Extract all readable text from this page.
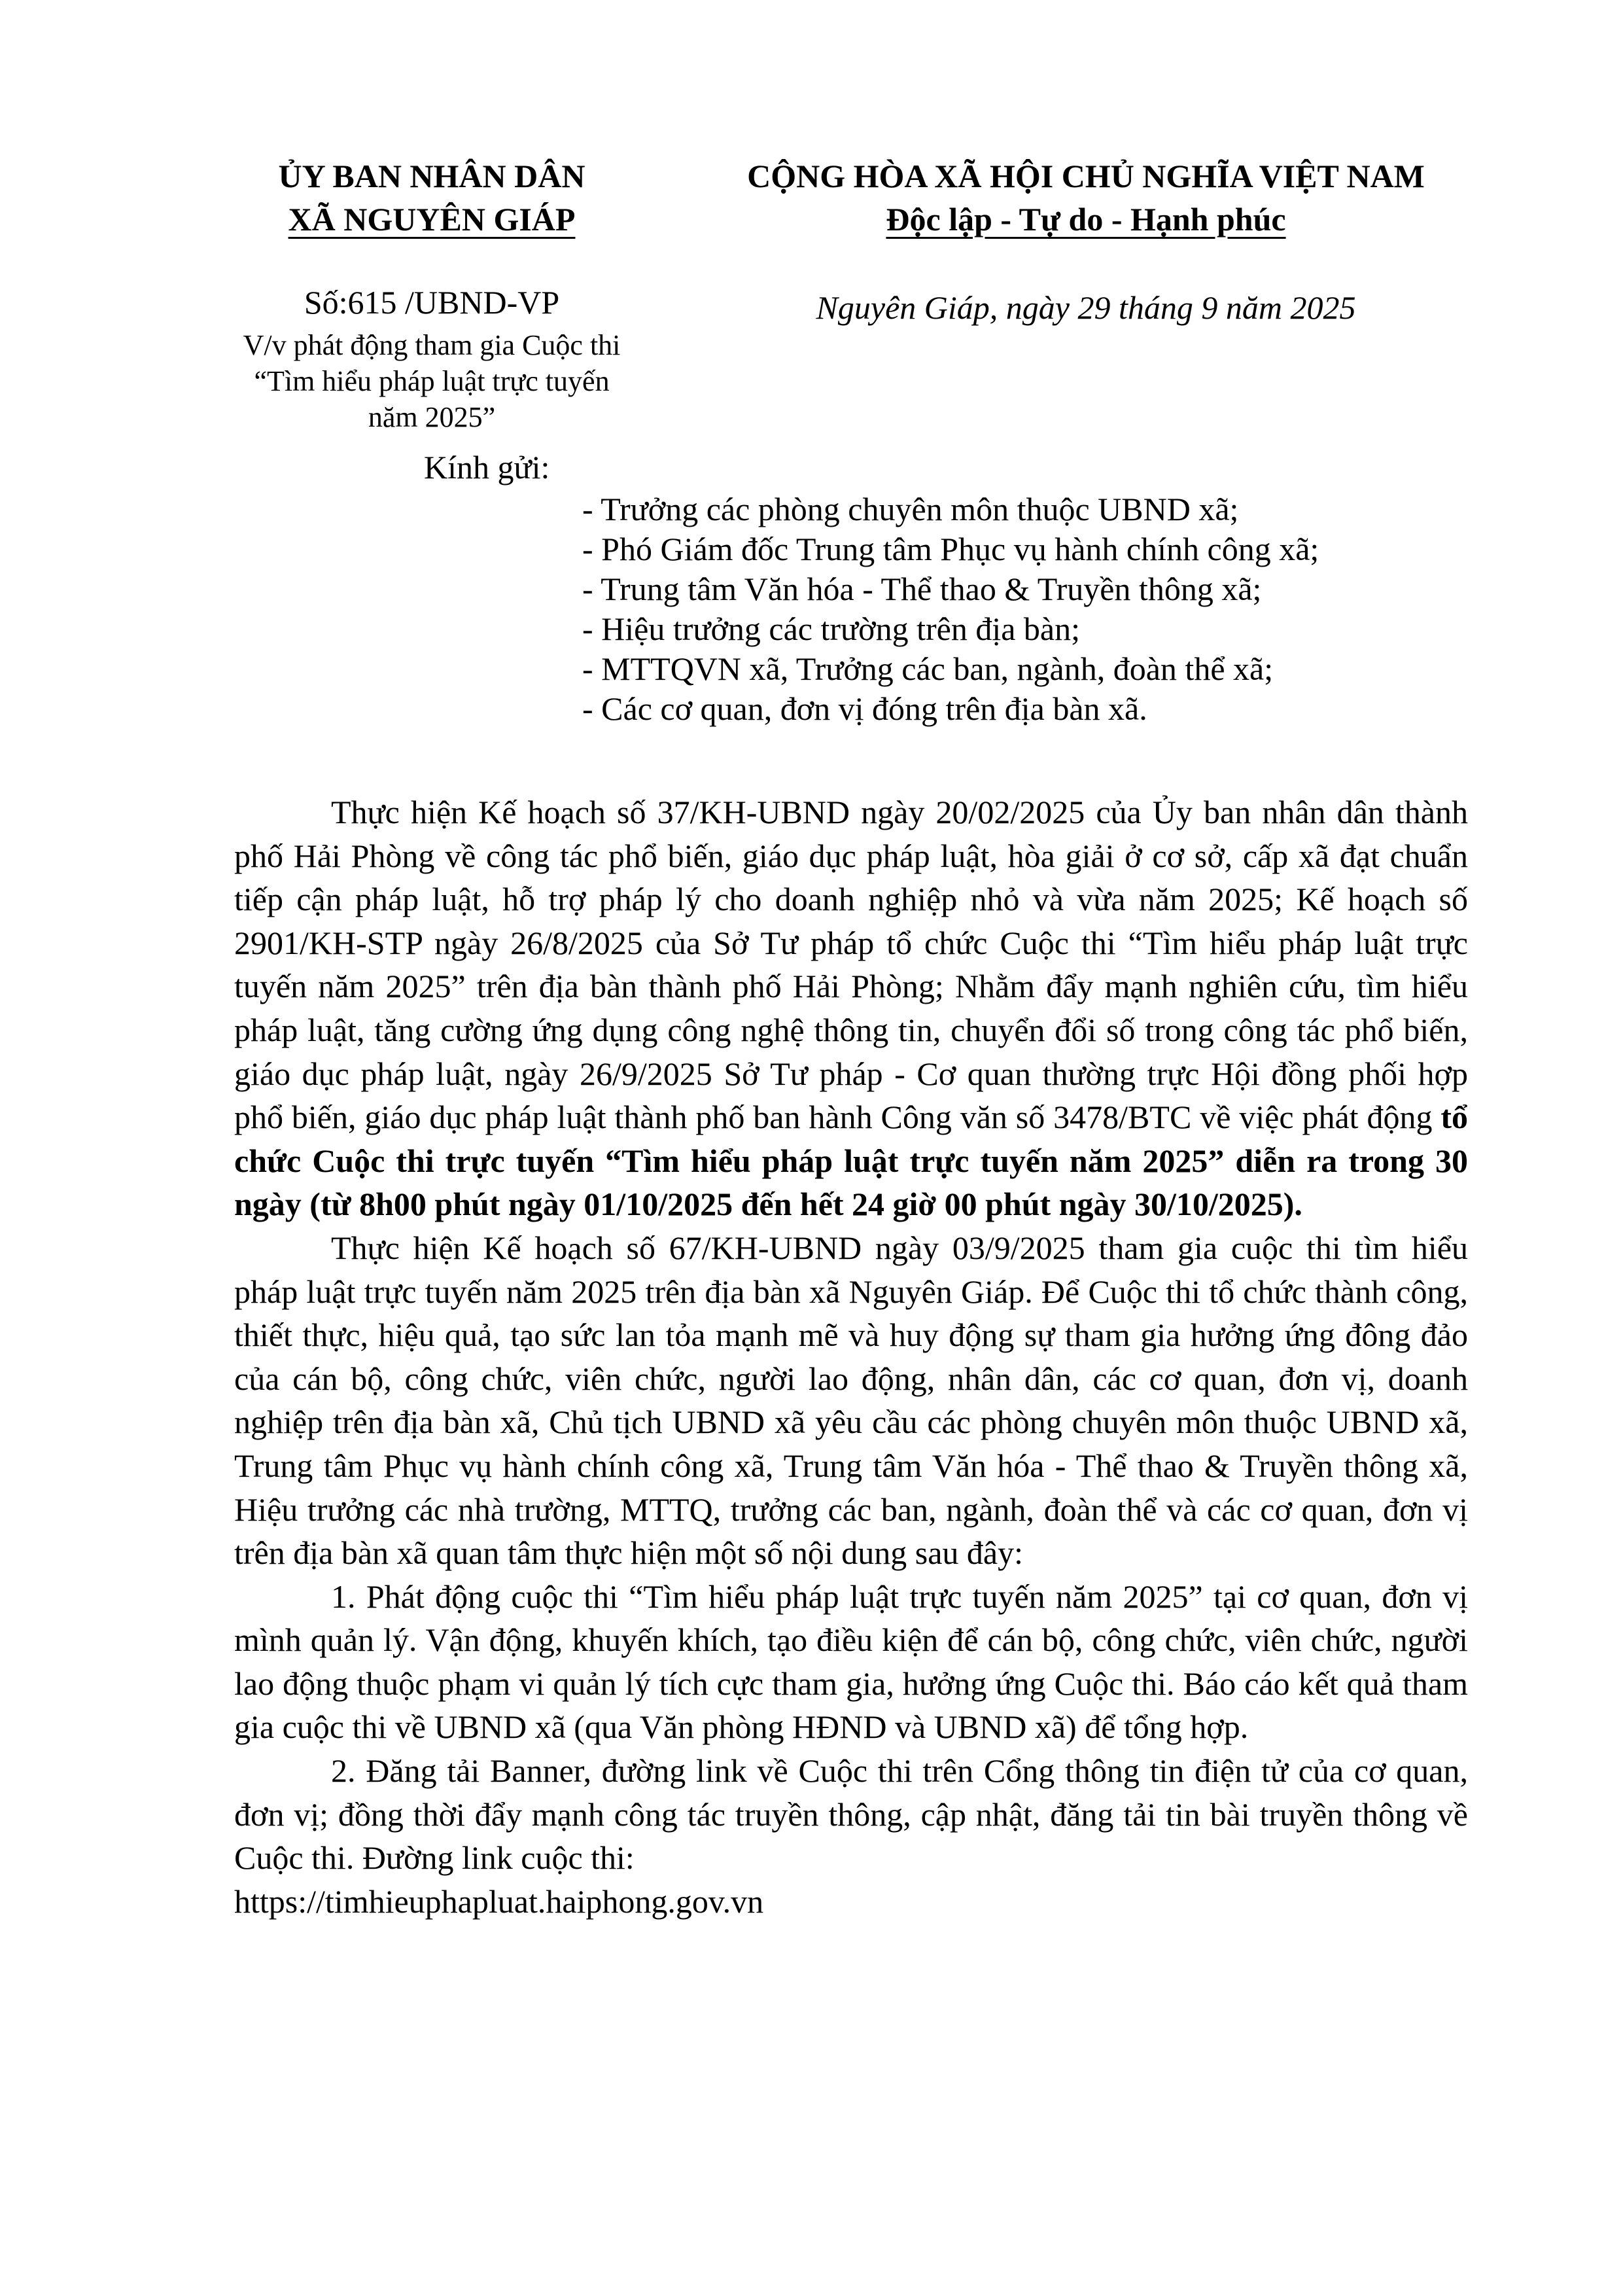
ỦY BAN NHÂN DÂN
XÃ NGUYÊN GIÁP
CỘNG HÒA XÃ HỘI CHỦ NGHĨA VIỆT NAM
Độc lập - Tự do - Hạnh phúc
Số:615 /UBND-VP
V/v phát động tham gia Cuộc thi
“Tìm hiểu pháp luật trực tuyến
năm 2025”
Nguyên Giáp, ngày 29 tháng 9 năm 2025
Kính gửi:
- Trưởng các phòng chuyên môn thuộc UBND xã;
- Phó Giám đốc Trung tâm Phục vụ hành chính công xã;
- Trung tâm Văn hóa - Thể thao & Truyền thông xã;
- Hiệu trưởng các trường trên địa bàn;
- MTTQVN xã, Trưởng các ban, ngành, đoàn thể xã;
- Các cơ quan, đơn vị đóng trên địa bàn xã.

Thực hiện Kế hoạch số 37/KH-UBND ngày 20/02/2025 của Ủy ban nhân dân thành phố Hải Phòng về công tác phổ biến, giáo dục pháp luật, hòa giải ở cơ sở, cấp xã đạt chuẩn tiếp cận pháp luật, hỗ trợ pháp lý cho doanh nghiệp nhỏ và vừa năm 2025; Kế hoạch số 2901/KH-STP ngày 26/8/2025 của Sở Tư pháp tổ chức Cuộc thi “Tìm hiểu pháp luật trực tuyến năm 2025” trên địa bàn thành phố Hải Phòng; Nhằm đẩy mạnh nghiên cứu, tìm hiểu pháp luật, tăng cường ứng dụng công nghệ thông tin, chuyển đổi số trong công tác phổ biến, giáo dục pháp luật, ngày 26/9/2025 Sở Tư pháp - Cơ quan thường trực Hội đồng phối hợp phổ biến, giáo dục pháp luật thành phố ban hành Công văn số 3478/BTC về việc phát động tổ chức Cuộc thi trực tuyến “Tìm hiểu pháp luật trực tuyến năm 2025” diễn ra trong 30 ngày (từ 8h00 phút ngày 01/10/2025 đến hết 24 giờ 00 phút ngày 30/10/2025).

Thực hiện Kế hoạch số 67/KH-UBND ngày 03/9/2025 tham gia cuộc thi tìm hiểu pháp luật trực tuyến năm 2025 trên địa bàn xã Nguyên Giáp. Để Cuộc thi tổ chức thành công, thiết thực, hiệu quả, tạo sức lan tỏa mạnh mẽ và huy động sự tham gia hưởng ứng đông đảo của cán bộ, công chức, viên chức, người lao động, nhân dân, các cơ quan, đơn vị, doanh nghiệp trên địa bàn xã, Chủ tịch UBND xã yêu cầu các phòng chuyên môn thuộc UBND xã, Trung tâm Phục vụ hành chính công xã, Trung tâm Văn hóa - Thể thao & Truyền thông xã, Hiệu trưởng các nhà trường, MTTQ, trưởng các ban, ngành, đoàn thể và các cơ quan, đơn vị trên địa bàn xã quan tâm thực hiện một số nội dung sau đây:

1. Phát động cuộc thi “Tìm hiểu pháp luật trực tuyến năm 2025” tại cơ quan, đơn vị mình quản lý. Vận động, khuyến khích, tạo điều kiện để cán bộ, công chức, viên chức, người lao động thuộc phạm vi quản lý tích cực tham gia, hưởng ứng Cuộc thi. Báo cáo kết quả tham gia cuộc thi về UBND xã (qua Văn phòng HĐND và UBND xã) để tổng hợp.

2. Đăng tải Banner, đường link về Cuộc thi trên Cổng thông tin điện tử của cơ quan, đơn vị; đồng thời đẩy mạnh công tác truyền thông, cập nhật, đăng tải tin bài truyền thông về Cuộc thi. Đường link cuộc thi:

https://timhieuphapluat.haiphong.gov.vn
